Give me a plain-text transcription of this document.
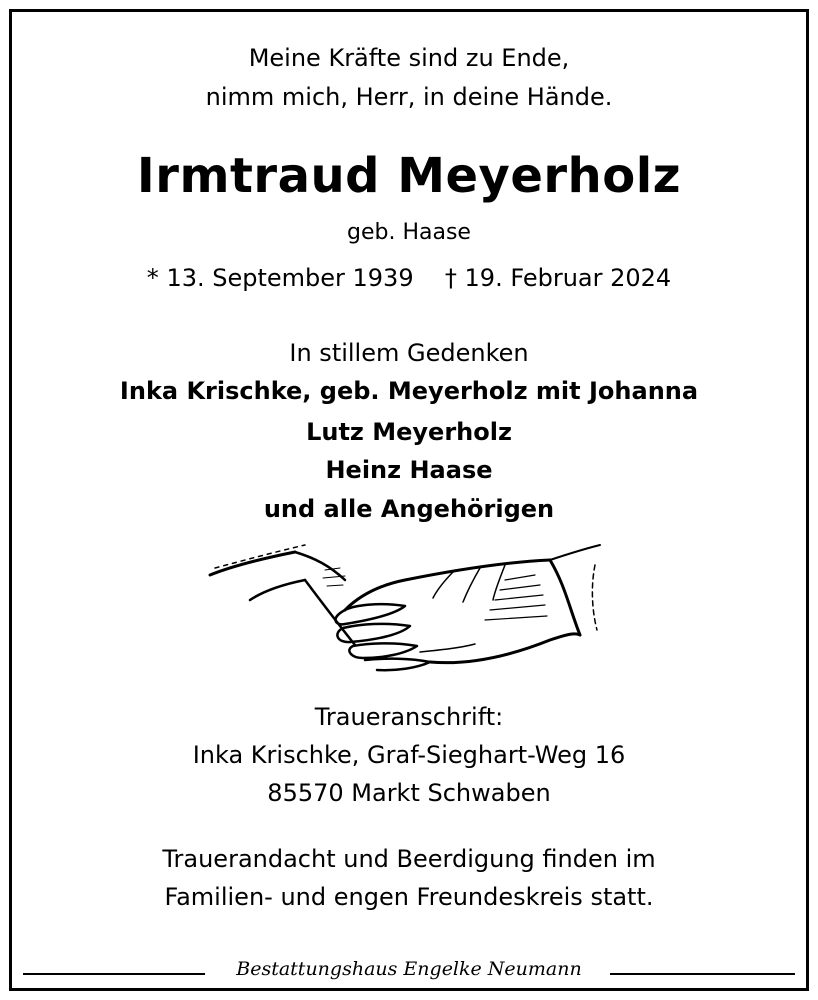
Meine Kräfte sind zu Ende,
nimm mich, Herr, in deine Hände.
Irmtraud Meyerholz
geb. Haase
* 13. September 1939 † 19. Februar 2024
In stillem Gedenken
Inka Krischke, geb. Meyerholz mit Johanna
Lutz Meyerholz
Heinz Haase
und alle Angehörigen
Traueranschrift:
Inka Krischke, Graf-Sieghart-Weg 16
85570 Markt Schwaben
Trauerandacht und Beerdigung finden im
Familien- und engen Freundeskreis statt.
Bestattungshaus Engelke Neumann
